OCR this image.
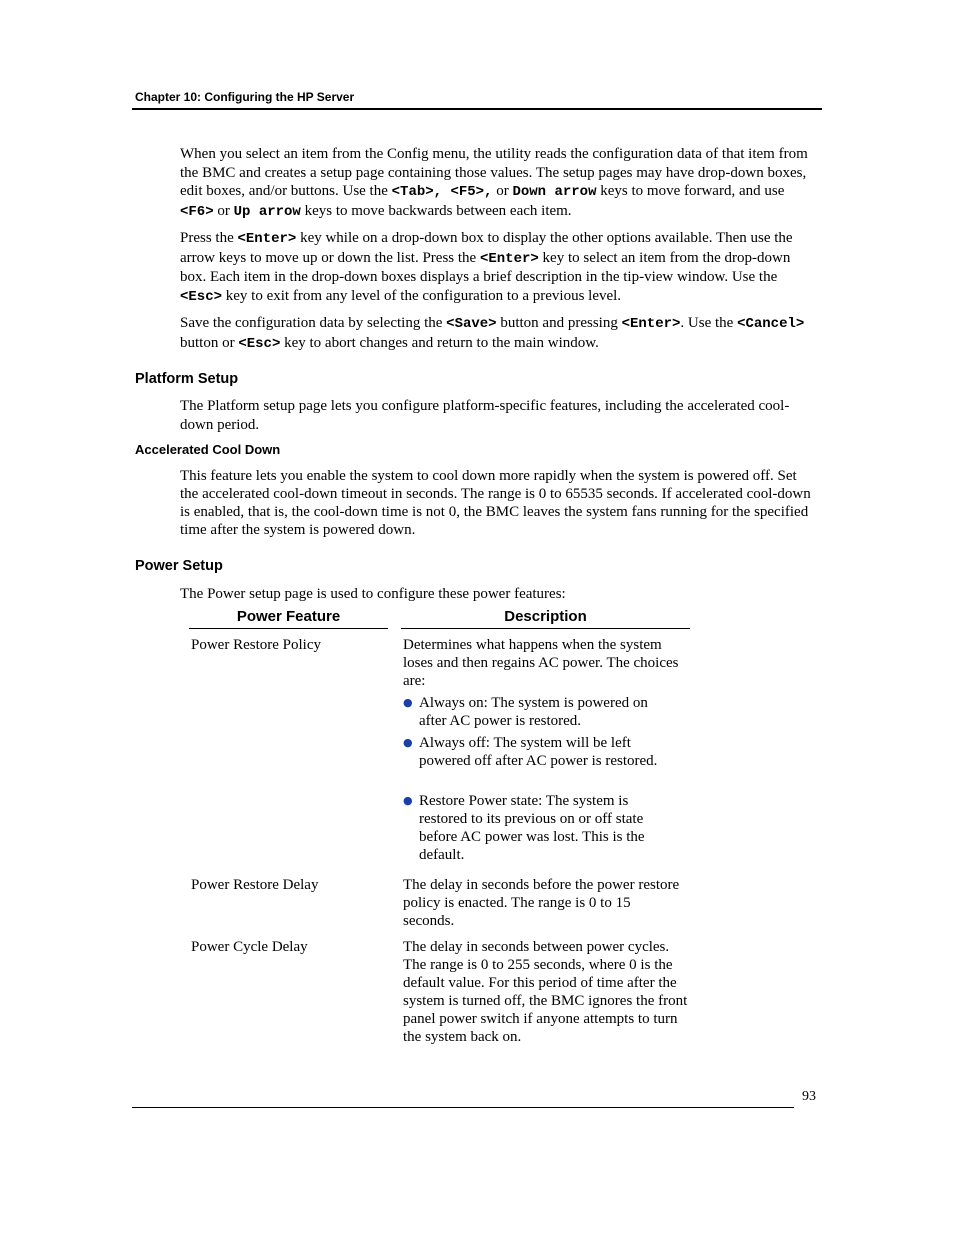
Chapter 10: Configuring the HP Server

When you select an item from the Config menu, the utility reads the configuration data of that item from the BMC and creates a setup page containing those values. The setup pages may have drop-down boxes, edit boxes, and/or buttons. Use the <Tab>, <F5>, or Down arrow keys to move forward, and use <F6> or Up arrow keys to move backwards between each item.

Press the <Enter> key while on a drop-down box to display the other options available. Then use the arrow keys to move up or down the list. Press the <Enter> key to select an item from the drop-down box. Each item in the drop-down boxes displays a brief description in the tip-view window. Use the <Esc> key to exit from any level of the configuration to a previous level.

Save the configuration data by selecting the <Save> button and pressing <Enter>. Use the <Cancel> button or <Esc> key to abort changes and return to the main window.

Platform Setup

The Platform setup page lets you configure platform-specific features, including the accelerated cool-down period.

Accelerated Cool Down

This feature lets you enable the system to cool down more rapidly when the system is powered off. Set the accelerated cool-down timeout in seconds. The range is 0 to 65535 seconds. If accelerated cool-down is enabled, that is, the cool-down time is not 0, the BMC leaves the system fans running for the specified time after the system is powered down.

Power Setup

The Power setup page is used to configure these power features:

Power Feature	Description
Power Restore Policy	Determines what happens when the system loses and then regains AC power. The choices are:
● Always on: The system is powered on after AC power is restored.
● Always off: The system will be left powered off after AC power is restored.
● Restore Power state: The system is restored to its previous on or off state before AC power was lost. This is the default.
Power Restore Delay	The delay in seconds before the power restore policy is enacted. The range is 0 to 15 seconds.
Power Cycle Delay	The delay in seconds between power cycles. The range is 0 to 255 seconds, where 0 is the default value. For this period of time after the system is turned off, the BMC ignores the front panel power switch if anyone attempts to turn the system back on.
93
